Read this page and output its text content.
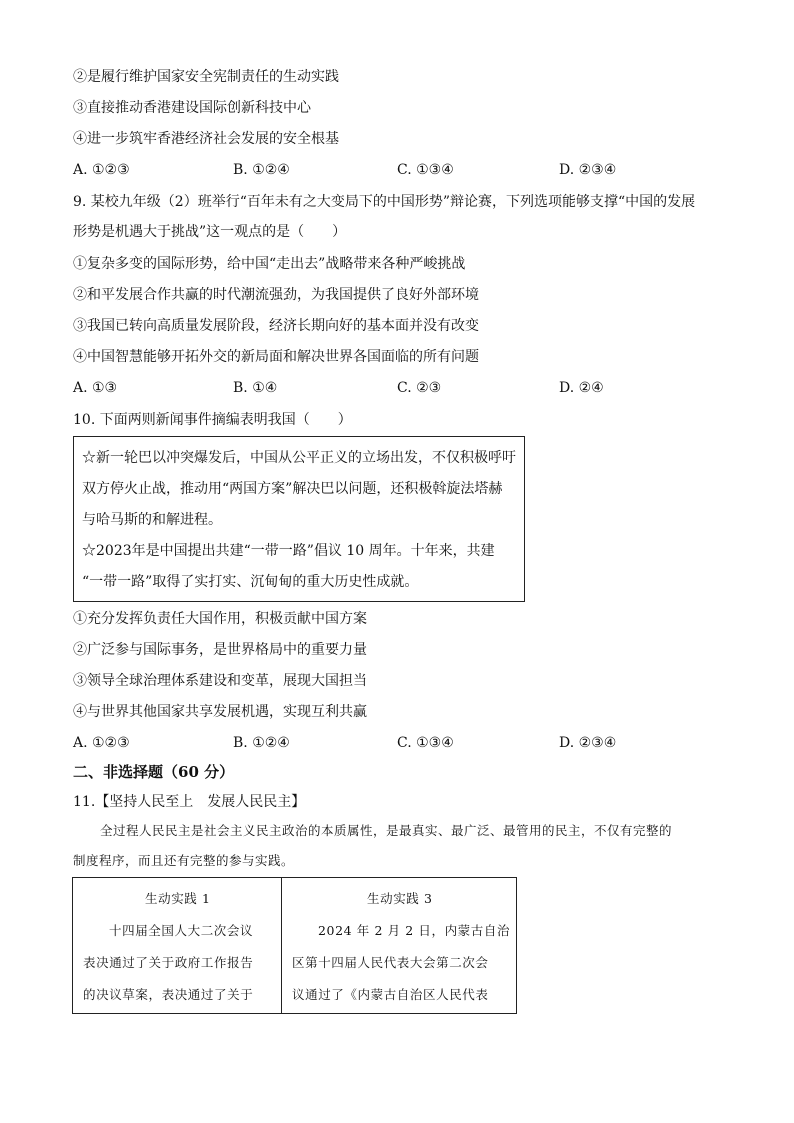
②是履行维护国家安全宪制责任的生动实践
③直接推动香港建设国际创新科技中心
④进一步筑牢香港经济社会发展的安全根基
A. ①②③	B. ①②④	C. ①③④	D. ②③④
9. 某校九年级（2）班举行“百年未有之大变局下的中国形势”辩论赛，下列选项能够支撑“中国的发展
形势是机遇大于挑战”这一观点的是（　　）
①复杂多变的国际形势，给中国“走出去”战略带来各种严峻挑战
②和平发展合作共赢的时代潮流强劲，为我国提供了良好外部环境
③我国已转向高质量发展阶段，经济长期向好的基本面并没有改变
④中国智慧能够开拓外交的新局面和解决世界各国面临的所有问题
A. ①③	B. ①④	C. ②③	D. ②④
10. 下面两则新闻事件摘编表明我国（　　）
☆新一轮巴以冲突爆发后，中国从公平正义的立场出发，不仅积极呼吁
双方停火止战，推动用“两国方案”解决巴以问题，还积极斡旋法塔赫
与哈马斯的和解进程。
☆2023年是中国提出共建“一带一路”倡议 10 周年。十年来，共建
“一带一路”取得了实打实、沉甸甸的重大历史性成就。
①充分发挥负责任大国作用，积极贡献中国方案
②广泛参与国际事务，是世界格局中的重要力量
③领导全球治理体系建设和变革，展现大国担当
④与世界其他国家共享发展机遇，实现互利共赢
A. ①②③	B. ①②④	C. ①③④	D. ②③④
二、非选择题（60 分）
11.【坚持人民至上　发展人民民主】
全过程人民民主是社会主义民主政治的本质属性，是最真实、最广泛、最管用的民主，不仅有完整的
制度程序，而且还有完整的参与实践。
生动实践 1
十四届全国人大二次会议
表决通过了关于政府工作报告
的决议草案，表决通过了关于
生动实践 3
2024 年 2 月 2 日，内蒙古自治
区第十四届人民代表大会第二次会
议通过了《内蒙古自治区人民代表
